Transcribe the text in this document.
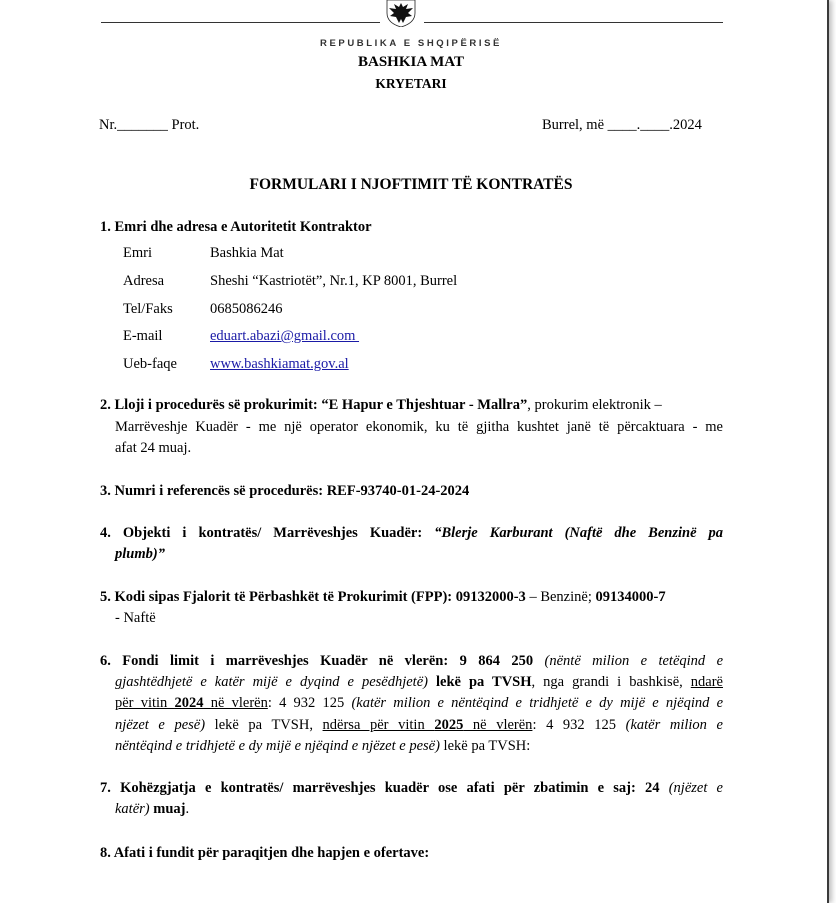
REPUBLIKA E SHQIPËRISË
BASHKIA MAT
KRYETARI
Nr._______ Prot.	Burrel, më ____.____.2024
FORMULARI I NJOFTIMIT TË KONTRATËS
1. Emri dhe adresa e Autoritetit Kontraktor
Emri	Bashkia Mat
Adresa	Sheshi “Kastriotët”, Nr.1, KP 8001, Burrel
Tel/Faks	0685086246
E-mail	eduart.abazi@gmail.com
Ueb-faqe www.bashkiamat.gov.al
2. Lloji i procedurës së prokurimit: “E Hapur e Thjeshtuar - Mallra”, prokurim elektronik –
Marrëveshje Kuadër - me një operator ekonomik, ku të gjitha kushtet janë të përcaktuara - me
afat 24 muaj.
3. Numri i referencës së procedurës: REF-93740-01-24-2024
4. Objekti i kontratës/ Marrëveshjes Kuadër: “Blerje Karburant (Naftë dhe Benzinë pa
plumb)”
5. Kodi sipas Fjalorit të Përbashkët të Prokurimit (FPP): 09132000-3 – Benzinë; 09134000-7
- Naftë
6. Fondi limit i marrëveshjes Kuadër në vlerën: 9 864 250 (nëntë milion e tetëqind e
gjashtëdhjetë e katër mijë e dyqind e pesëdhjetë) lekë pa TVSH, nga grandi i bashkisë, ndarë
për vitin 2024 në vlerën: 4 932 125 (katër milion e nëntëqind e tridhjetë e dy mijë e njëqind e
njëzet e pesë) lekë pa TVSH, ndërsa për vitin 2025 në vlerën: 4 932 125 (katër milion e
nëntëqind e tridhjetë e dy mijë e njëqind e njëzet e pesë) lekë pa TVSH:
7. Kohëzgjatja e kontratës/ marrëveshjes kuadër ose afati për zbatimin e saj: 24 (njëzet e
katër) muaj.
8. Afati i fundit për paraqitjen dhe hapjen e ofertave:
